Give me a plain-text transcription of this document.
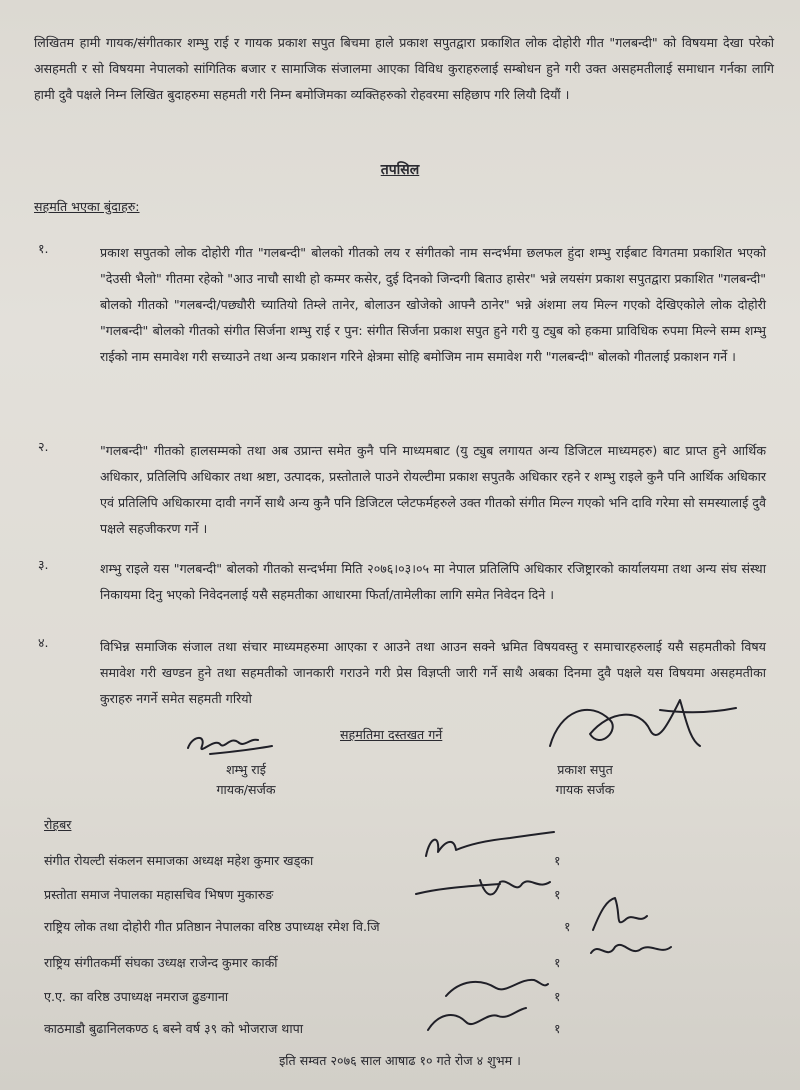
लिखितम हामी गायक/संगीतकार शम्भु राई र गायक प्रकाश सपुत बिचमा हाले प्रकाश सपुतद्वारा प्रकाशित लोक दोहोरी गीत "गलबन्दी" को विषयमा देखा परेको असहमती र सो विषयमा नेपालको सांगितिक बजार र सामाजिक संजालमा आएका विविध कुराहरुलाई सम्बोधन हुने गरी उक्त असहमतीलाई समाधान गर्नका लागि हामी दुवै पक्षले निम्न लिखित बुदाहरुमा सहमती गरी निम्न बमोजिमका व्यक्तिहरुको रोहवरमा सहिछाप गरि लियौ दियौं ।
तपसिल
सहमति भएका बुंदाहरु:
१.	प्रकाश सपुतको लोक दोहोरी गीत "गलबन्दी" बोलको गीतको लय र संगीतको नाम सन्दर्भमा छलफल हुंदा शम्भु राईबाट विगतमा प्रकाशित भएको "देउसी भैलो" गीतमा रहेको "आउ नाचौ साथी हो कम्मर कसेर, दुई दिनको जिन्दगी बिताउ हासेर" भन्ने लयसंग प्रकाश सपुतद्वारा प्रकाशित "गलबन्दी" बोलको गीतको "गलबन्दी/पछ्यौरी च्यातियो तिम्ले तानेर, बोलाउन खोजेको आफ्नै ठानेर" भन्ने अंशमा लय मिल्न गएको देखिएकोले लोक दोहोरी "गलबन्दी" बोलको गीतको संगीत सिर्जना शम्भु राई र पुन: संगीत सिर्जना प्रकाश सपुत हुने गरी यु ट्युब को हकमा प्राविधिक रुपमा मिल्ने सम्म शम्भु राईको नाम समावेश गरी सच्याउने तथा अन्य प्रकाशन गरिने क्षेत्रमा सोहि बमोजिम नाम समावेश गरी "गलबन्दी" बोलको गीतलाई प्रकाशन गर्ने ।
२.	"गलबन्दी" गीतको हालसम्मको तथा अब उप्रान्त समेत कुनै पनि माध्यमबाट (यु ट्युब लगायत अन्य डिजिटल माध्यमहरु) बाट प्राप्त हुने आर्थिक अधिकार, प्रतिलिपि अधिकार तथा श्रष्टा, उत्पादक, प्रस्तोताले पाउने रोयल्टीमा प्रकाश सपुतकै अधिकार रहने र शम्भु राइले कुनै पनि आर्थिक अधिकार एवं प्रतिलिपि अधिकारमा दावी नगर्ने साथै अन्य कुनै पनि डिजिटल प्लेटफर्महरुले उक्त गीतको संगीत मिल्न गएको भनि दावि गरेमा सो समस्यालाई दुवै पक्षले सहजीकरण गर्ने ।
३.	शम्भु राइले यस "गलबन्दी" बोलको गीतको सन्दर्भमा मिति २०७६।०३।०५ मा नेपाल प्रतिलिपि अधिकार रजिष्ट्रारको कार्यालयमा तथा अन्य संघ संस्था निकायमा दिनु भएको निवेदनलाई यसै सहमतीका आधारमा फिर्ता/तामेलीका लागि समेत निवेदन दिने ।
४.	विभिन्न समाजिक संजाल तथा संचार माध्यमहरुमा आएका र आउने तथा आउन सक्ने भ्रमित विषयवस्तु र समाचारहरुलाई यसै सहमतीको विषय समावेश गरी खण्डन हुने तथा सहमतीको जानकारी गराउने गरी प्रेस विज्ञप्ती जारी गर्ने साथै अबका दिनमा दुवै पक्षले यस विषयमा असहमतीका कुराहरु नगर्ने समेत सहमती गरियो
सहमतिमा दस्तखत गर्ने
शम्भु राई
गायक/सर्जक
प्रकाश सपुत
गायक सर्जक
रोहबर
संगीत रोयल्टी संकलन समाजका अध्यक्ष महेश कुमार खड्का	१
प्रस्तोता समाज नेपालका महासचिव भिषण मुकारुङ	१
राष्ट्रिय लोक तथा दोहोरी गीत प्रतिष्ठान नेपालका वरिष्ठ उपाध्यक्ष रमेश वि.जि	१
राष्ट्रिय संगीतकर्मी संघका उध्यक्ष राजेन्द कुमार कार्की	१
ए.ए. का वरिष्ठ उपाध्यक्ष नमराज ढुङगाना	१
काठमाडौ बुढानिलकण्ठ ६ बस्ने वर्ष ३९ को भोजराज थापा	१
इति सम्वत २०७६ साल आषाढ १० गते रोज ४ शुभम ।
